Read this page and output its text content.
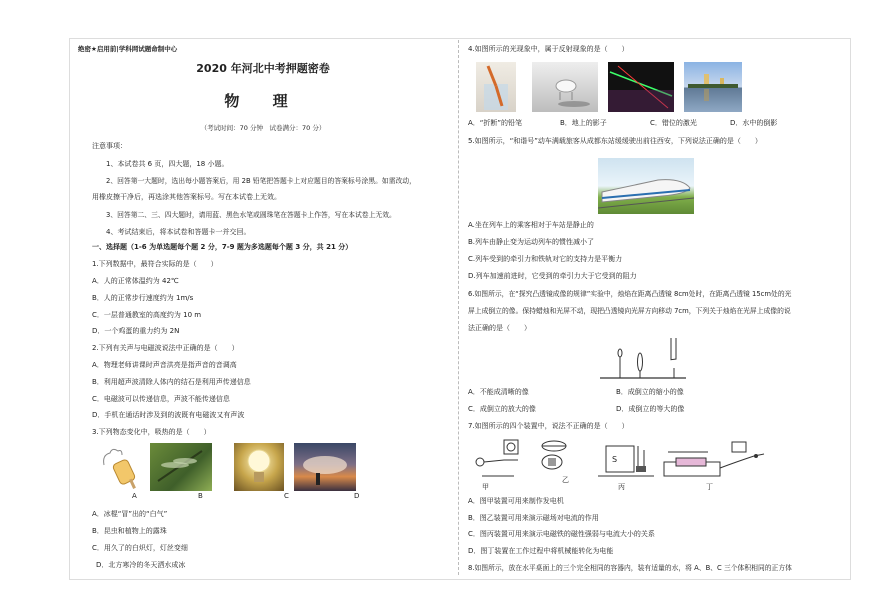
绝密★启用前|学科网试题命制中心
2020 年河北中考押题密卷
物 理
（考试时间：70 分钟　试卷满分：70 分）
注意事项：
1、本试卷共 6 页，四大题，18 小题。
2、回答第一大题时，选出每小题答案后，用 2B 铅笔把答题卡上对应题目的答案标号涂黑。如需改动，
用橡皮擦干净后，再选涂其他答案标号。写在本试卷上无效。
3、回答第二、三、四大题时，请用蓝、黑色水笔或圆珠笔在答题卡上作答，写在本试卷上无效。
4、考试结束后，将本试卷和答题卡一并交回。
一、选择题（1-6 为单选题每个题 2 分，7-9 题为多选题每个题 3 分，共 21 分）
1.下列数据中，最符合实际的是（　　）
A．人的正常体温约为 42℃
B．人的正常步行速度约为 1m/s
C．一层普通教室的高度约为 10 m
D．一个鸡蛋的重力约为 2N
2.下列有关声与电磁波说法中正确的是（　　）
A．物理老师讲课时声音洪亮是指声音的音调高
B．利用超声波清除人体内的结石是利用声传递信息
C．电磁波可以传递信息，声波不能传递信息
D．手机在通话时涉及到的波既有电磁波又有声波
3.下列物态变化中，吸热的是（　　）
A	B	C	D
A．冰棍“冒”出的“白气”
B．昆虫和植物上的露珠
C．用久了的白炽灯，灯丝变细
D．北方寒冷的冬天洒水成冰
4.如图所示的光现象中，属于反射现象的是（　　）
A．“折断”的铅笔	B．地上的影子	C．错位的激光	D．水中的倒影
5.如图所示，“和谐号”动车满载旅客从成都东站缓缓驶出前往西安，下列说法正确的是（　　）
A.坐在列车上的乘客相对于车站是静止的
B.列车由静止变为运动列车的惯性减小了
C.列车受到的牵引力和铁轨对它的支持力是平衡力
D.列车加速前进时，它受到的牵引力大于它受到的阻力
6.如图所示，在“探究凸透镜成像的规律”实验中，烛焰在距离凸透镜 8cm处时，在距离凸透镜 15cm处的光
屏上成倒立的像。保持蜡烛和光屏不动，现把凸透镜向光屏方向移动 7cm，下列关于烛焰在光屏上成像的说
法正确的是（　　）
A．不能成清晰的像	B．成倒立的缩小的像
C．成倒立的放大的像	D．成倒立的等大的像
7.如图所示的四个装置中，说法不正确的是（　　）
S
甲
乙
丙	丁
A．图甲装置可用来制作发电机
B．图乙装置可用来演示磁场对电流的作用
C．图丙装置可用来演示电磁铁的磁性强弱与电流大小的关系
D．图丁装置在工作过程中将机械能转化为电能
8.如图所示，放在水平桌面上的三个完全相同的容器内，装有适量的水，将 A、B、C 三个体积相同的正方体
